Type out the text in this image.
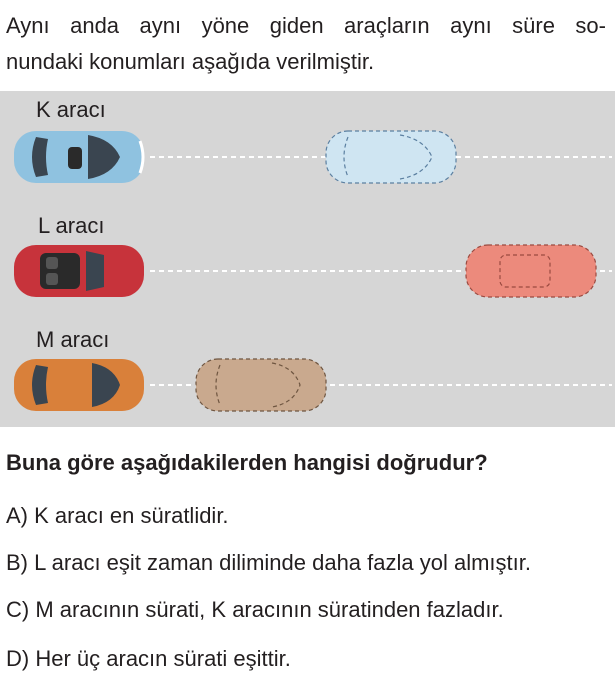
Aynı anda aynı yöne giden araçların aynı süre so-
nundaki konumları aşağıda verilmiştir.

K aracı
L aracı
M aracı

Buna göre aşağıdakilerden hangisi doğrudur?

A) K aracı en süratlidir.
B) L aracı eşit zaman diliminde daha fazla yol almıştır.
C) M aracının sürati, K aracının süratinden fazladır.
D) Her üç aracın sürati eşittir.
